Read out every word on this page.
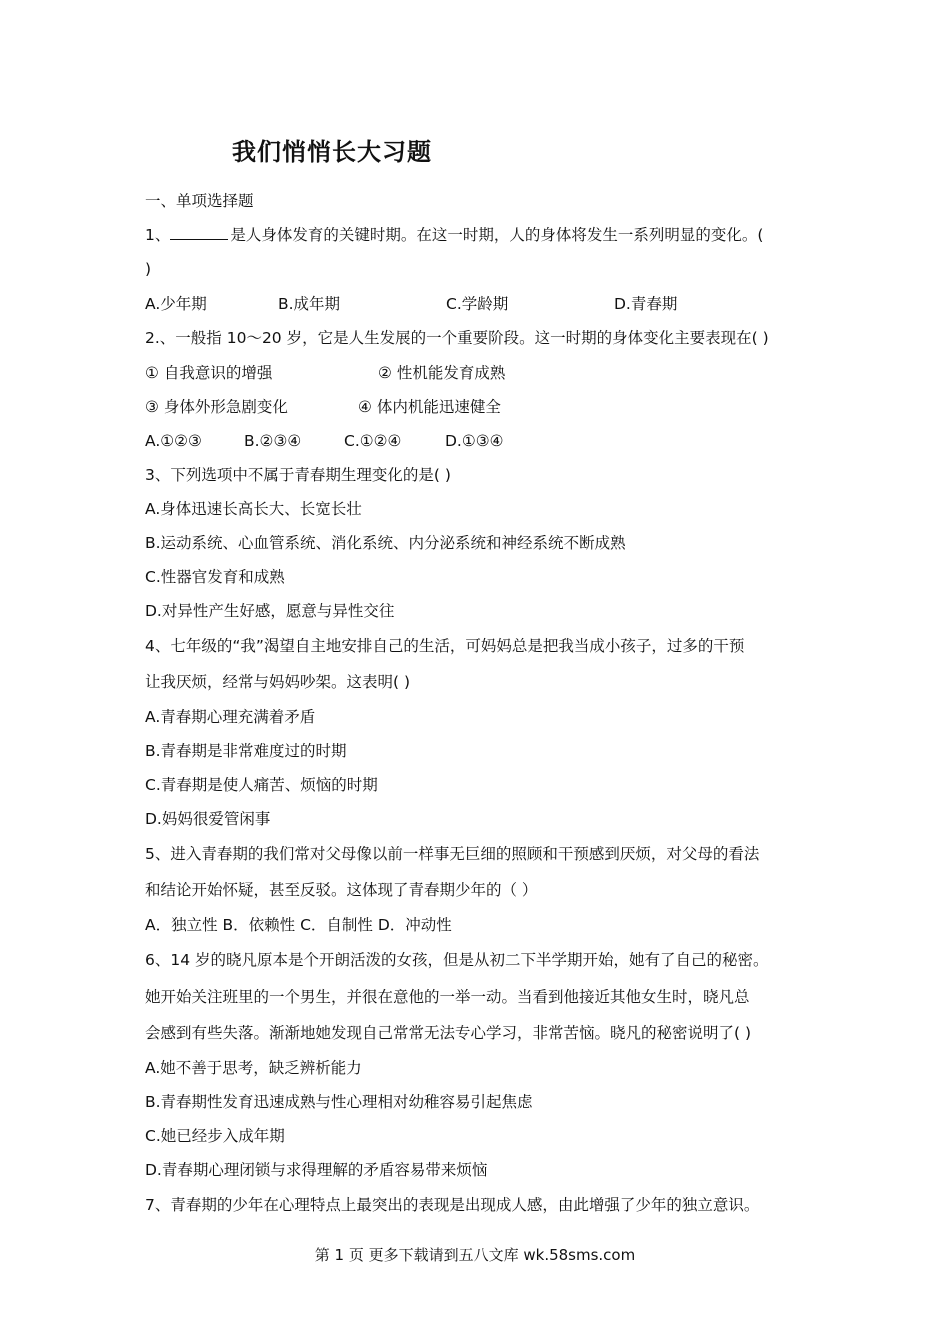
我们悄悄长大习题
一、单项选择题
1、	是人身体发育的关键时期。在这一时期，人的身体将发生一系列明显的变化。(
)
A.少年期	B.成年期	C.学龄期	D.青春期
2.、一般指 10～20 岁，它是人生发展的一个重要阶段。这一时期的身体变化主要表现在( )
① 自我意识的增强	② 性机能发育成熟
③ 身体外形急剧变化	④ 体内机能迅速健全
A.①②③	B.②③④	C.①②④	D.①③④
3、下列选项中不属于青春期生理变化的是( )
A.身体迅速长高长大、长宽长壮
B.运动系统、心血管系统、消化系统、内分泌系统和神经系统不断成熟
C.性器官发育和成熟
D.对异性产生好感，愿意与异性交往
4、七年级的“我”渴望自主地安排自己的生活，可妈妈总是把我当成小孩子，过多的干预
让我厌烦，经常与妈妈吵架。这表明( )
A.青春期心理充满着矛盾
B.青春期是非常难度过的时期
C.青春期是使人痛苦、烦恼的时期
D.妈妈很爱管闲事
5、进入青春期的我们常对父母像以前一样事无巨细的照顾和干预感到厌烦，对父母的看法
和结论开始怀疑，甚至反驳。这体现了青春期少年的（ ）
A．独立性 B．依赖性 C．自制性 D．冲动性
6、14 岁的晓凡原本是个开朗活泼的女孩，但是从初二下半学期开始，她有了自己的秘密。
她开始关注班里的一个男生，并很在意他的一举一动。当看到他接近其他女生时，晓凡总
会感到有些失落。渐渐地她发现自己常常无法专心学习，非常苦恼。晓凡的秘密说明了( )
A.她不善于思考，缺乏辨析能力
B.青春期性发育迅速成熟与性心理相对幼稚容易引起焦虑
C.她已经步入成年期
D.青春期心理闭锁与求得理解的矛盾容易带来烦恼
7、青春期的少年在心理特点上最突出的表现是出现成人感，由此增强了少年的独立意识。
第 1 页 更多下载请到五八文库 wk.58sms.com
